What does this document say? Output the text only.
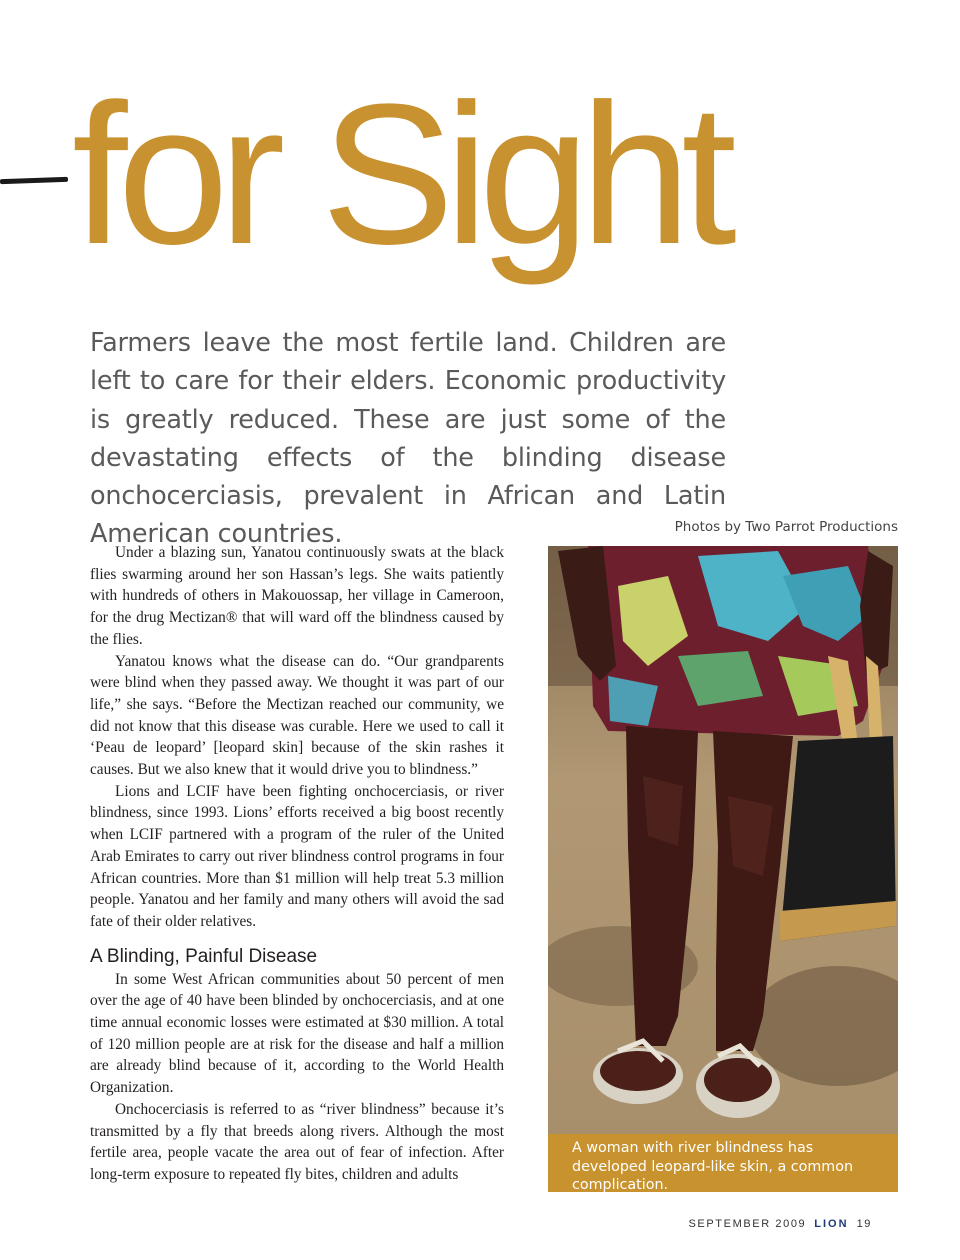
for Sight

Farmers leave the most fertile land. Children are left to care for their elders. Economic productivity is greatly reduced. These are just some of the devastating effects of the blinding disease onchocerciasis, prevalent in African and Latin American countries.	Photos by Two Parrot Productions

Under a blazing sun, Yanatou continuously swats at the black flies swarming around her son Hassan’s legs. She waits patiently with hundreds of others in Makouossap, her village in Cameroon, for the drug Mectizan® that will ward off the blindness caused by the flies.

Yanatou knows what the disease can do. “Our grandparents were blind when they passed away. We thought it was part of our life,” she says. “Before the Mectizan reached our community, we did not know that this disease was curable. Here we used to call it ‘Peau de leopard’ [leopard skin] because of the skin rashes it causes. But we also knew that it would drive you to blindness.”

Lions and LCIF have been fighting onchocerciasis, or river blindness, since 1993. Lions’ efforts received a big boost recently when LCIF partnered with a program of the ruler of the United Arab Emirates to carry out river blindness control programs in four African countries. More than $1 million will help treat 5.3 million people. Yanatou and her family and many others will avoid the sad fate of their older relatives.

A Blinding, Painful Disease

In some West African communities about 50 percent of men over the age of 40 have been blinded by onchocerciasis, and at one time annual economic losses were estimated at $30 million. A total of 120 million people are at risk for the disease and half a million are already blind because of it, according to the World Health Organization.

Onchocerciasis is referred to as “river blindness” because it’s transmitted by a fly that breeds along rivers. Although the most fertile area, people vacate the area out of fear of infection. After long-term exposure to repeated fly bites, children and adults

A woman with river blindness has developed leopard-like skin, a common complication.
SEPTEMBER 2009 LION 19
